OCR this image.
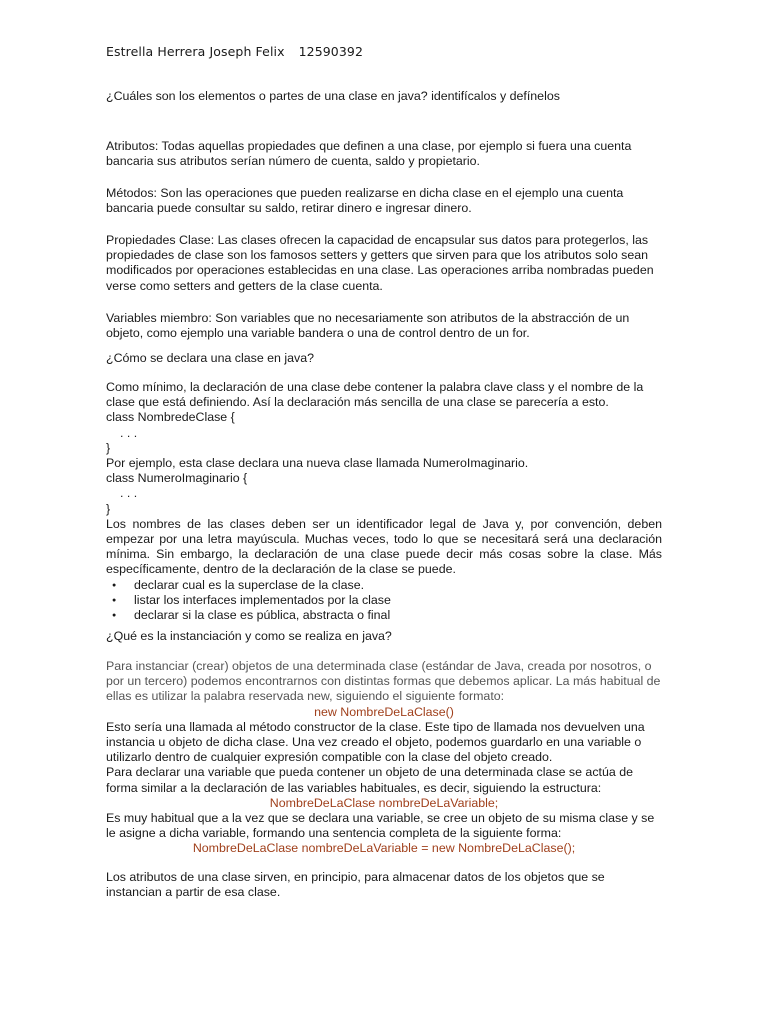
Estrella Herrera Joseph Felix 12590392
¿Cuáles son los elementos o partes de una clase en java? identifícalos y defínelos
Atributos: Todas aquellas propiedades que definen a una clase, por ejemplo si fuera una cuenta bancaria sus atributos serían número de cuenta, saldo y propietario.
Métodos: Son las operaciones que pueden realizarse en dicha clase en el ejemplo una cuenta bancaria puede consultar su saldo, retirar dinero e ingresar dinero.
Propiedades Clase: Las clases ofrecen la capacidad de encapsular sus datos para protegerlos, las propiedades de clase son los famosos setters y getters que sirven para que los atributos solo sean modificados por operaciones establecidas en una clase. Las operaciones arriba nombradas pueden verse como setters and getters de la clase cuenta.
Variables miembro: Son variables que no necesariamente son atributos de la abstracción de un objeto, como ejemplo una variable bandera o una de control dentro de un for.
¿Cómo se declara una clase en java?
Como mínimo, la declaración de una clase debe contener la palabra clave class y el nombre de la clase que está definiendo. Así la declaración más sencilla de una clase se parecería a esto.
class NombredeClase {
. . .
}
Por ejemplo, esta clase declara una nueva clase llamada NumeroImaginario.
class NumeroImaginario {
. . .
}
Los nombres de las clases deben ser un identificador legal de Java y, por convención, deben empezar por una letra mayúscula. Muchas veces, todo lo que se necesitará será una declaración mínima. Sin embargo, la declaración de una clase puede decir más cosas sobre la clase. Más específicamente, dentro de la declaración de la clase se puede.
● declarar cual es la superclase de la clase.
● listar los interfaces implementados por la clase
● declarar si la clase es pública, abstracta o final
¿Qué es la instanciación y como se realiza en java?
Para instanciar (crear) objetos de una determinada clase (estándar de Java, creada por nosotros, o por un tercero) podemos encontrarnos con distintas formas que debemos aplicar. La más habitual de ellas es utilizar la palabra reservada new, siguiendo el siguiente formato:
new NombreDeLaClase()
Esto sería una llamada al método constructor de la clase. Este tipo de llamada nos devuelven una instancia u objeto de dicha clase. Una vez creado el objeto, podemos guardarlo en una variable o utilizarlo dentro de cualquier expresión compatible con la clase del objeto creado.
Para declarar una variable que pueda contener un objeto de una determinada clase se actúa de forma similar a la declaración de las variables habituales, es decir, siguiendo la estructura:
NombreDeLaClase nombreDeLaVariable;
Es muy habitual que a la vez que se declara una variable, se cree un objeto de su misma clase y se le asigne a dicha variable, formando una sentencia completa de la siguiente forma:
NombreDeLaClase nombreDeLaVariable = new NombreDeLaClase();
Los atributos de una clase sirven, en principio, para almacenar datos de los objetos que se instancian a partir de esa clase.
